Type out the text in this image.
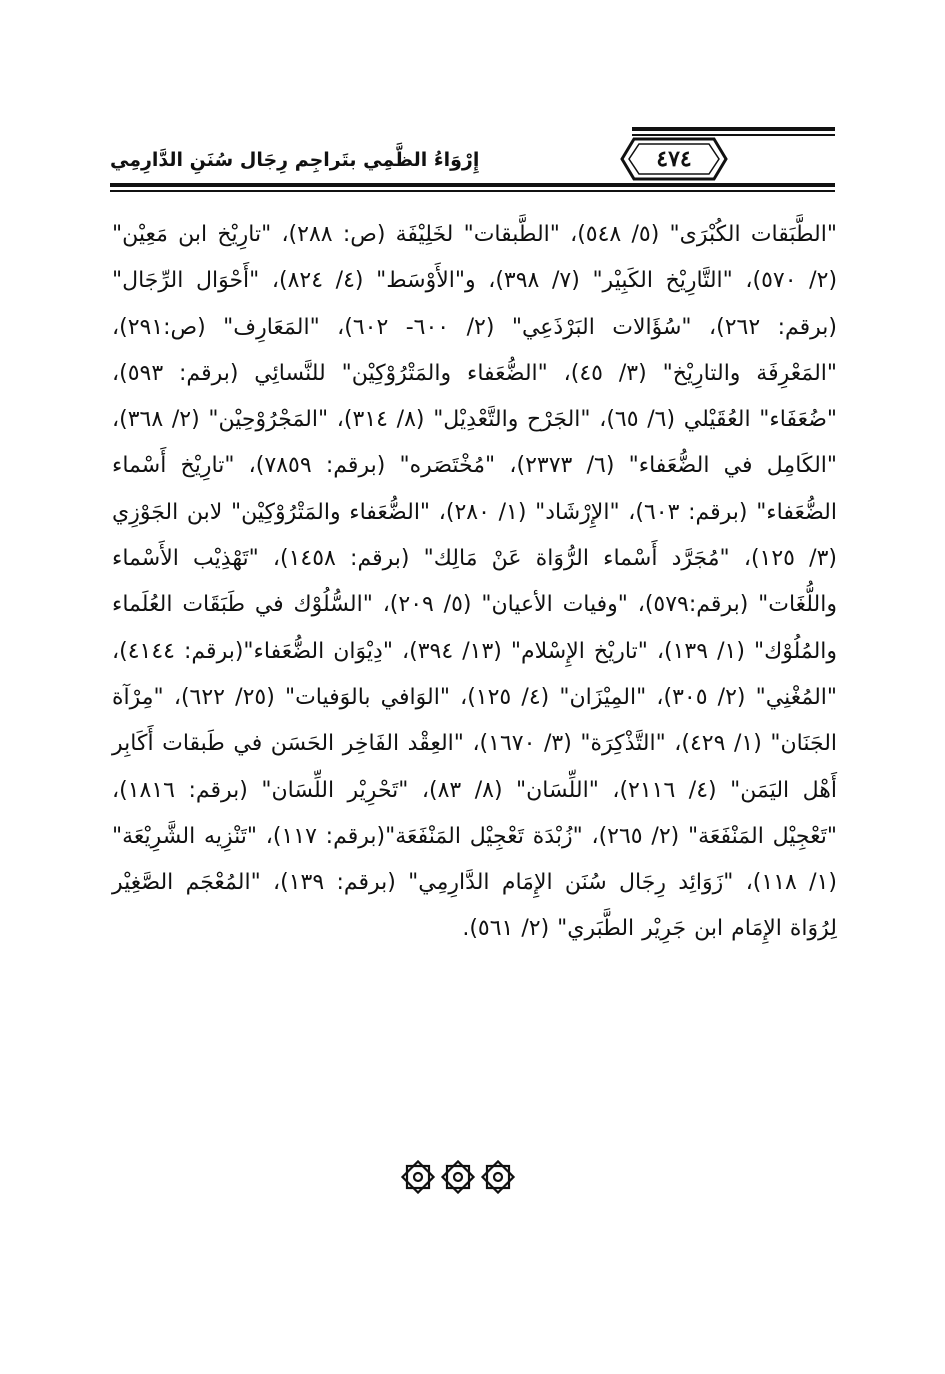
٤٧٤
إِرْوَاءُ الظَّمِي بتَراجِم رِجَال سُنَنِ الدَّارِمِي
"الطَّبَقات الكُبْرَى" (٥/ ٥٤٨)، "الطَّبقات" لخَلِيْفَة (ص: ٢٨٨)، "تارِيْخ ابن مَعِيْن" (٢/ ٥٧٠)، "التَّارِيْخ الكَبِيْر" (٧/ ٣٩٨)، و"الأَوْسَط" (٤/ ٨٢٤)، "أَحْوَال الرِّجَال" (برقم: ٢٦٢)، "سُؤَالات البَرْذَعِي" (٢/ ٦٠٠- ٦٠٢)، "المَعَارِف" (ص:٢٩١)، "المَعْرِفَة والتارِيْخ" (٣/ ٤٥)، "الضُّعَفاء والمَتْرُوْكِيْن" للنَّسائِي (برقم: ٥٩٣)، "ضُعَفَاء" العُقَيْلي (٦/ ٦٥)، "الجَرْح والتَّعْدِيْل" (٨/ ٣١٤)، "المَجْرُوْحِيْن" (٢/ ٣٦٨)، "الكَامِل في الضُّعَفاء" (٦/ ٢٣٧٣)، "مُخْتَصَره" (برقم: ٧٨٥٩)، "تارِيْخ أَسْماء الضُّعَفاء" (برقم: ٦٠٣)، "الإِرْشَاد" (١/ ٢٨٠)، "الضُّعَفاء والمَتْرُوْكِيْن" لابن الجَوْزِي (٣/ ١٢٥)، "مُجَرَّد أَسْماء الرُّوَاة عَنْ مَالِك" (برقم: ١٤٥٨)، "تَهْذِيْب الأَسْماء واللُّغَات" (برقم:٥٧٩)، "وفيات الأعيان" (٥/ ٢٠٩)، "السُّلُوْك في طَبَقَات العُلَماء والمُلُوْك" (١/ ١٣٩)، "تاريْخ الإِسْلام" (١٣/ ٣٩٤)، "دِيْوَان الضُّعَفاء"(برقم: ٤١٤٤)، "المُغْنِي" (٢/ ٣٠٥)، "المِيْزَان" (٤/ ١٢٥)، "الوَافي بالوَفيات" (٢٥/ ٦٢٢)، "مِرْآة الجَنَان" (١/ ٤٢٩)، "التَّذْكِرَة" (٣/ ١٦٧٠)، "العِقْد الفَاخِر الحَسَن في طَبقات أَكَابِر أَهْل اليَمَن" (٤/ ٢١١٦)، "اللِّسَان" (٨/ ٨٣)، "تَحْرِيْر اللِّسَان" (برقم: ١٨١٦)، "تَعْجِيْل المَنْفَعَة" (٢/ ٢٦٥)، "زُبْدَة تَعْجِيْل المَنْفَعَة"(برقم: ١١٧)، "تَنْزِيه الشَّرِيْعَة" (١/ ١١٨)، "زَوَائِد رِجَال سُنَن الإِمَام الدَّارِمِي" (برقم: ١٣٩)، "المُعْجَم الصَّغِيْر لِرُوَاة الإِمَام ابن جَرِيْر الطَّبَري" (٢/ ٥٦١).
